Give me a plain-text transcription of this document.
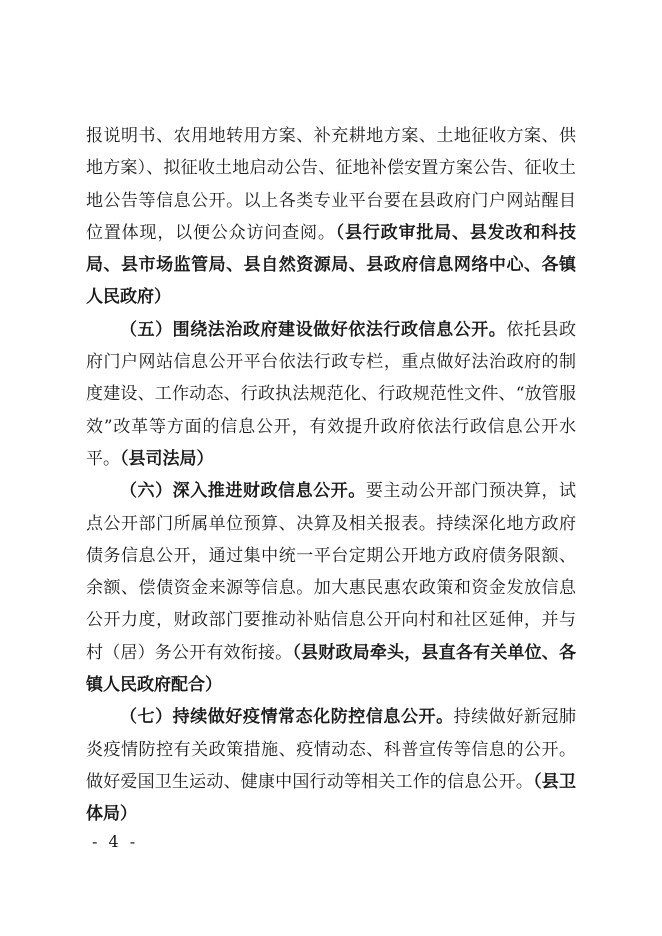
报说明书、农用地转用方案、补充耕地方案、土地征收方案、供地方案）、拟征收土地启动公告、征地补偿安置方案公告、征收土地公告等信息公开。以上各类专业平台要在县政府门户网站醒目位置体现，以便公众访问查阅。（县行政审批局、县发改和科技局、县市场监管局、县自然资源局、县政府信息网络中心、各镇人民政府）

（五）围绕法治政府建设做好依法行政信息公开。依托县政府门户网站信息公开平台依法行政专栏，重点做好法治政府的制度建设、工作动态、行政执法规范化、行政规范性文件、“放管服效”改革等方面的信息公开，有效提升政府依法行政信息公开水平。（县司法局）

（六）深入推进财政信息公开。要主动公开部门预决算，试点公开部门所属单位预算、决算及相关报表。持续深化地方政府债务信息公开，通过集中统一平台定期公开地方政府债务限额、余额、偿债资金来源等信息。加大惠民惠农政策和资金发放信息公开力度，财政部门要推动补贴信息公开向村和社区延伸，并与村（居）务公开有效衔接。（县财政局牵头，县直各有关单位、各镇人民政府配合）

（七）持续做好疫情常态化防控信息公开。持续做好新冠肺炎疫情防控有关政策措施、疫情动态、科普宣传等信息的公开。做好爱国卫生运动、健康中国行动等相关工作的信息公开。（县卫体局）

- 4 -
